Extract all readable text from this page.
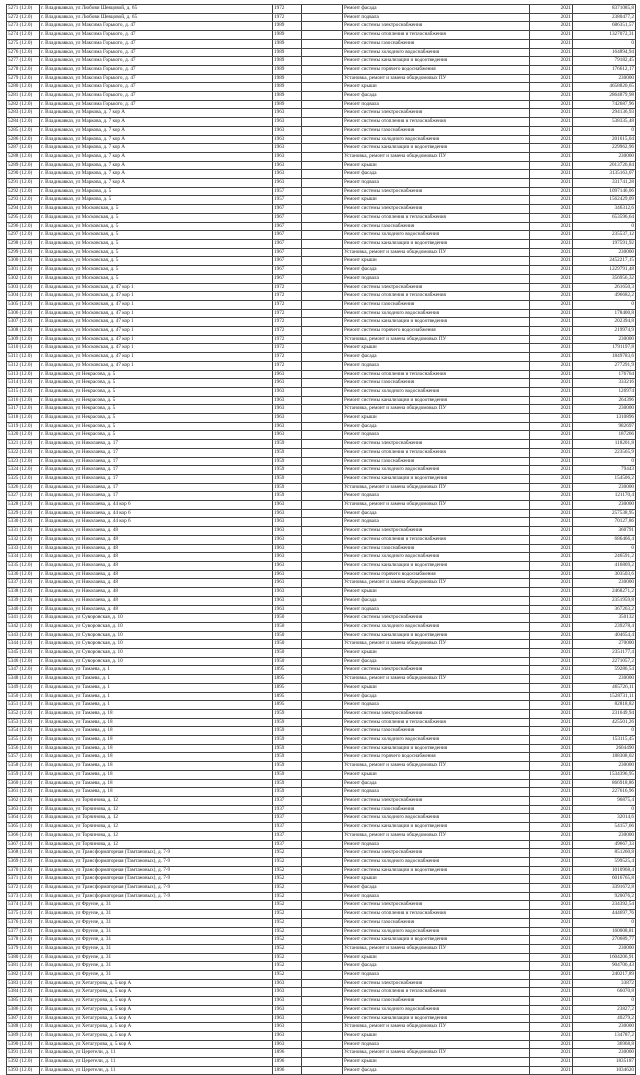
5271 (12.0)	г. Владикавказ, ул Любови Шевцовой, д. 65	1972		Ремонт фасада	2021	8371085,8
5272 (12.0)	г. Владикавказ, ул Любови Шевцовой, д. 65	1972		Ремонт подвала	2021	2380477,2
5273 (12.0)	г. Владикавказ, ул Максима Горького, д. 47	1989		Ремонт системы электроснабжения	2021	686351,57
5274 (12.0)	г. Владикавказ, ул Максима Горького, д. 47	1989		Ремонт системы отопления и теплоснабжения	2021	1327072,31
5275 (12.0)	г. Владикавказ, ул Максима Горького, д. 47	1989		Ремонт системы газоснабжения	2021	0
5276 (12.0)	г. Владикавказ, ул Максима Горького, д. 47	1989		Ремонт системы холодного водоснабжения	2021	164894,94
5277 (12.0)	г. Владикавказ, ул Максима Горького, д. 47	1989		Ремонт системы канализации и водоотведения	2021	79182,45
5278 (12.0)	г. Владикавказ, ул Максима Горького, д. 47	1989		Ремонт системы горячего водоснабжения	2021	176612,17
5279 (12.0)	г. Владикавказ, ул Максима Горького, д. 47	1989		Установка, ремонт и замена общедомовых ПУ	2021	230000
5280 (12.0)	г. Владикавказ, ул Максима Горького, д. 47	1989		Ремонт крыши	2021	4658820,65
5281 (12.0)	г. Владикавказ, ул Максима Горького, д. 47	1989		Ремонт фасада	2021	2864879,98
5282 (12.0)	г. Владикавказ, ул Максима Горького, д. 47	1989		Ремонт подвала	2021	742687,96
5283 (12.0)	г. Владикавказ, ул Маркова, д. 7 кор А	1963		Ремонт системы электроснабжения	2021	294136,93
5284 (12.0)	г. Владикавказ, ул Маркова, д. 7 кор А	1963		Ремонт системы отопления и теплоснабжения	2021	538335,48
5285 (12.0)	г. Владикавказ, ул Маркова, д. 7 кор А	1963		Ремонт системы газоснабжения	2021	0
5286 (12.0)	г. Владикавказ, ул Маркова, д. 7 кор А	1963		Ремонт системы холодного водоснабжения	2021	201615,04
5287 (12.0)	г. Владикавказ, ул Маркова, д. 7 кор А	1963		Ремонт системы канализации и водоотведения	2021	229962,96
5288 (12.0)	г. Владикавказ, ул Маркова, д. 7 кор А	1963		Установка, ремонт и замена общедомовых ПУ	2021	230000
5289 (12.0)	г. Владикавказ, ул Маркова, д. 7 кор А	1963		Ремонт крыши	2021	2013726,84
5290 (12.0)	г. Владикавказ, ул Маркова, д. 7 кор А	1963		Ремонт фасада	2021	3135163,07
5291 (12.0)	г. Владикавказ, ул Маркова, д. 7 кор А	1963		Ремонт подвала	2021	331741,28
5292 (12.0)	г. Владикавказ, ул Маркова, д. 5	1957		Ремонт системы электроснабжения	2021	1097146,06
5293 (12.0)	г. Владикавказ, ул Маркова, д. 5	1957		Ремонт крыши	2021	1562429,09
5294 (12.0)	г. Владикавказ, ул Московская, д. 5	1967		Ремонт системы электроснабжения	2021	346312,6
5295 (12.0)	г. Владикавказ, ул Московская, д. 5	1967		Ремонт системы отопления и теплоснабжения	2021	653596,64
5296 (12.0)	г. Владикавказ, ул Московская, д. 5	1967		Ремонт системы газоснабжения	2021	0
5297 (12.0)	г. Владикавказ, ул Московская, д. 5	1967		Ремонт системы холодного водоснабжения	2021	235537,12
5298 (12.0)	г. Владикавказ, ул Московская, д. 5	1967		Ремонт системы канализации и водоотведения	2021	197591,92
5299 (12.0)	г. Владикавказ, ул Московская, д. 5	1967		Установка, ремонт и замена общедомовых ПУ	2021	230000
5300 (12.0)	г. Владикавказ, ул Московская, д. 5	1967		Ремонт крыши	2021	2452217,15
5301 (12.0)	г. Владикавказ, ул Московская, д. 5	1967		Ремонт фасада	2021	1229791,48
5302 (12.0)	г. Владикавказ, ул Московская, д. 5	1967		Ремонт подвала	2021	356956,32
5303 (12.0)	г. Владикавказ, ул Московская, д. 47 кор 1	1972		Ремонт системы электроснабжения	2021	261650,3
5304 (12.0)	г. Владикавказ, ул Московская, д. 47 кор 1	1972		Ремонт системы отопления и теплоснабжения	2021	496682,2
5305 (12.0)	г. Владикавказ, ул Московская, д. 47 кор 1	1972		Ремонт системы газоснабжения	2021	0
5306 (12.0)	г. Владикавказ, ул Московская, д. 47 кор 1	1972		Ремонт системы холодного водоснабжения	2021	178400,8
5307 (12.0)	г. Владикавказ, ул Московская, д. 47 кор 1	1972		Ремонт системы канализации и водоотведения	2021	202394,8
5308 (12.0)	г. Владикавказ, ул Московская, д. 47 кор 1	1972		Ремонт системы горячего водоснабжения	2021	219974,9
5309 (12.0)	г. Владикавказ, ул Московская, д. 47 кор 1	1972		Установка, ремонт и замена общедомовых ПУ	2021	230000
5310 (12.0)	г. Владикавказ, ул Московская, д. 47 кор 1	1972		Ремонт крыши	2021	1791197,8
5311 (12.0)	г. Владикавказ, ул Московская, д. 47 кор 1	1972		Ремонт фасада	2021	1849783,6
5312 (12.0)	г. Владикавказ, ул Московская, д. 47 кор 1	1972		Ремонт подвала	2021	277291,9
5313 (12.0)	г. Владикавказ, ул Некрасова, д. 5	1963		Ремонт системы отопления и теплоснабжения	2021	176764
5314 (12.0)	г. Владикавказ, ул Некрасова, д. 5	1963		Ремонт системы газоснабжения	2021	333216
5315 (12.0)	г. Владикавказ, ул Некрасова, д. 5	1963		Ремонт системы холодного водоснабжения	2021	126974
5316 (12.0)	г. Владикавказ, ул Некрасова, д. 5	1963		Ремонт системы канализации и водоотведения	2021	264396
5317 (12.0)	г. Владикавказ, ул Некрасова, д. 5	1963		Установка, ремонт и замена общедомовых ПУ	2021	230000
5318 (12.0)	г. Владикавказ, ул Некрасова, д. 5	1963		Ремонт крыши	2021	1310896
5319 (12.0)	г. Владикавказ, ул Некрасова, д. 5	1963		Ремонт фасада	2021	982697
5320 (12.0)	г. Владикавказ, ул Некрасова, д. 5	1963		Ремонт подвала	2021	187266
5321 (12.0)	г. Владикавказ, ул Николаева, д. 17	1959		Ремонт системы электроснабжения	2021	118201,8
5322 (12.0)	г. Владикавказ, ул Николаева, д. 17	1959		Ремонт системы отопления и теплоснабжения	2021	223565,9
5323 (12.0)	г. Владикавказ, ул Николаева, д. 17	1959		Ремонт системы газоснабжения	2021	0
5324 (12.0)	г. Владикавказ, ул Николаева, д. 17	1959		Ремонт системы холодного водоснабжения	2021	79443
5325 (12.0)	г. Владикавказ, ул Николаева, д. 17	1959		Ремонт системы канализации и водоотведения	2021	154506,2
5326 (12.0)	г. Владикавказ, ул Николаева, д. 17	1959		Установка, ремонт и замена общедомовых ПУ	2021	230000
5327 (12.0)	г. Владикавказ, ул Николаева, д. 17	1959		Ремонт подвала	2021	121170,4
5328 (12.0)	г. Владикавказ, ул Николаева, д. 44 кор 6	1963		Установка, ремонт и замена общедомовых ПУ	2021	230000
5329 (12.0)	г. Владикавказ, ул Николаева, д. 44 кор 6	1963		Ремонт фасада	2021	257538,95
5330 (12.0)	г. Владикавказ, ул Николаева, д. 44 кор 6	1963		Ремонт подвала	2021	70127,86
5331 (12.0)	г. Владикавказ, ул Николаева, д. 48	1963		Ремонт системы электроснабжения	2021	360791
5332 (12.0)	г. Владикавказ, ул Николаева, д. 48	1963		Ремонт системы отопления и теплоснабжения	2021	686466,4
5333 (12.0)	г. Владикавказ, ул Николаева, д. 48	1963		Ремонт системы газоснабжения	2021	0
5334 (12.0)	г. Владикавказ, ул Николаева, д. 48	1963		Ремонт системы холодного водоснабжения	2021	246591,2
5335 (12.0)	г. Владикавказ, ул Николаева, д. 48	1963		Ремонт системы канализации и водоотведения	2021	416869,2
5336 (12.0)	г. Владикавказ, ул Николаева, д. 48	1963		Ремонт системы горячего водоснабжения	2021	303503,6
5337 (12.0)	г. Владикавказ, ул Николаева, д. 48	1963		Установка, ремонт и замена общедомовых ПУ	2021	230000
5338 (12.0)	г. Владикавказ, ул Николаева, д. 48	1963		Ремонт крыши	2021	2468271,2
5339 (12.0)	г. Владикавказ, ул Николаева, д. 48	1963		Ремонт фасада	2021	2351959,8
5340 (12.0)	г. Владикавказ, ул Николаева, д. 48	1963		Ремонт подвала	2021	367263,2
5341 (12.0)	г. Владикавказ, ул Суворовская, д. 10	1950		Ремонт системы электроснабжения	2021	350132
5342 (12.0)	г. Владикавказ, ул Суворовская, д. 10	1950		Ремонт системы холодного водоснабжения	2021	239278,4
5343 (12.0)	г. Владикавказ, ул Суворовская, д. 10	1950		Ремонт системы канализации и водоотведения	2021	404654,4
5344 (12.0)	г. Владикавказ, ул Суворовская, д. 10	1950		Установка, ремонт и замена общедомовых ПУ	2021	270000
5345 (12.0)	г. Владикавказ, ул Суворовская, д. 10	1950		Ремонт крыши	2021	2351177,4
5346 (12.0)	г. Владикавказ, ул Суворовская, д. 10	1950		Ремонт фасада	2021	2271057,2
5347 (12.0)	г. Владикавказ, ул Тамаева, д. 1	1895		Ремонт системы электроснабжения	2021	59286,54
5348 (12.0)	г. Владикавказ, ул Тамаева, д. 1	1895		Установка, ремонт и замена общедомовых ПУ	2021	230000
5349 (12.0)	г. Владикавказ, ул Тамаева, д. 1	1895		Ремонт крыши	2021	465726,11
5350 (12.0)	г. Владикавказ, ул Тамаева, д. 1	1895		Ремонт фасада	2021	1528731,11
5351 (12.0)	г. Владикавказ, ул Тамаева, д. 1	1895		Ремонт подвала	2021	82818,82
5352 (12.0)	г. Владикавказ, ул Тамаева, д. 18	1959		Ремонт системы электроснабжения	2021	231649,94
5353 (12.0)	г. Владикавказ, ул Тамаева, д. 18	1959		Ремонт системы отопления и теплоснабжения	2021	425501,26
5354 (12.0)	г. Владикавказ, ул Тамаева, д. 18	1959		Ремонт системы газоснабжения	2021	0
5355 (12.0)	г. Владикавказ, ул Тамаева, д. 18	1959		Ремонт системы холодного водоснабжения	2021	153115,45
5356 (12.0)	г. Владикавказ, ул Тамаева, д. 18	1959		Ремонт системы канализации и водоотведения	2021	2604490
5357 (12.0)	г. Владикавказ, ул Тамаева, д. 18	1959		Ремонт системы горячего водоснабжения	2021	188308,02
5358 (12.0)	г. Владикавказ, ул Тамаева, д. 18	1959		Установка, ремонт и замена общедомовых ПУ	2021	230000
5359 (12.0)	г. Владикавказ, ул Тамаева, д. 18	1959		Ремонт крыши	2021	1534396,95
5360 (12.0)	г. Владикавказ, ул Тамаева, д. 18	1959		Ремонт фасада	2021	866918,86
5361 (12.0)	г. Владикавказ, ул Тамаева, д. 18	1959		Ремонт подвала	2021	227616,96
5362 (12.0)	г. Владикавказ, ул Торчинова, д. 12	1937		Ремонт системы электроснабжения	2021	96875,4
5363 (12.0)	г. Владикавказ, ул Торчинова, д. 12	1937		Ремонт системы газоснабжения	2021	0
5364 (12.0)	г. Владикавказ, ул Торчинова, д. 12	1937		Ремонт системы холодного водоснабжения	2021	32014,6
5365 (12.0)	г. Владикавказ, ул Торчинова, д. 12	1937		Ремонт системы канализации и водоотведения	2021	54157,66
5366 (12.0)	г. Владикавказ, ул Торчинова, д. 12	1937		Установка, ремонт и замена общедомовых ПУ	2021	230000
5367 (12.0)	г. Владикавказ, ул Торчинова, д. 12	1937		Ремонт подвала	2021	49667,33
5368 (12.0)	г. Владикавказ, ул Трансформаторная (Тамтановых), д. 7-9	1952		Ремонт системы электроснабжения	2021	851260,8
5369 (12.0)	г. Владикавказ, ул Трансформаторная (Тамтановых), д. 7-9	1952		Ремонт системы холодного водоснабжения	2021	599525,4
5370 (12.0)	г. Владикавказ, ул Трансформаторная (Тамтановых), д. 7-9	1952		Ремонт системы канализации и водоотведения	2021	1010968,4
5371 (12.0)	г. Владикавказ, ул Трансформаторная (Тамтановых), д. 7-9	1952		Ремонт крыши	2021	6016765,8
5372 (12.0)	г. Владикавказ, ул Трансформаторная (Тамтановых), д. 7-9	1952		Ремонт фасада	2021	3391672,8
5373 (12.0)	г. Владикавказ, ул Трансформаторная (Тамтановых), д. 7-9	1952		Ремонт подвала	2021	920076,2
5374 (12.0)	г. Владикавказ, ул Фрунзе, д. 31	1952		Ремонт системы электроснабжения	2021	234392,54
5375 (12.0)	г. Владикавказ, ул Фрунзе, д. 31	1952		Ремонт системы отопления и теплоснабжения	2021	444697,76
5376 (12.0)	г. Владикавказ, ул Фрунзе, д. 31	1952		Ремонт системы газоснабжения	2021	0
5377 (12.0)	г. Владикавказ, ул Фрунзе, д. 31	1952		Ремонт системы холодного водоснабжения	2021	160008,81
5378 (12.0)	г. Владикавказ, ул Фрунзе, д. 31	1952		Ремонт системы канализации и водоотведения	2021	270689,77
5379 (12.0)	г. Владикавказ, ул Фрунзе, д. 31	1952		Установка, ремонт и замена общедомовых ПУ	2021	230000
5380 (12.0)	г. Владикавказ, ул Фрунзе, д. 31	1952		Ремонт крыши	2021	1604206,91
5381 (12.0)	г. Владикавказ, ул Фрунзе, д. 31	1952		Ремонт фасада	2021	904706,43
5382 (12.0)	г. Владикавказ, ул Фрунзе, д. 31	1952		Ремонт подвала	2021	240217,89
5383 (12.0)	г. Владикавказ, ул Хетагурова, д. 5 кор А	1963		Ремонт системы электроснабжения	2021	33872
5384 (12.0)	г. Владикавказ, ул Хетагурова, д. 5 кор А	1963		Ремонт системы отопления и теплоснабжения	2021	66070,8
5385 (12.0)	г. Владикавказ, ул Хетагурова, д. 5 кор А	1963		Ремонт системы газоснабжения	2021	0
5386 (12.0)	г. Владикавказ, ул Хетагурова, д. 5 кор А	1963		Ремонт системы холодного водоснабжения	2021	23827,2
5387 (12.0)	г. Владикавказ, ул Хетагурова, д. 5 кор А	1963		Ремонт системы канализации и водоотведения	2021	40279,2
5388 (12.0)	г. Владикавказ, ул Хетагурова, д. 5 кор А	1963		Установка, ремонт и замена общедомовых ПУ	2021	230000
5389 (12.0)	г. Владикавказ, ул Хетагурова, д. 5 кор А	1963		Ремонт крыши	2021	134787,2
5390 (12.0)	г. Владикавказ, ул Хетагурова, д. 5 кор А	1963		Ремонт подвала	2021	36968,8
5391 (12.0)	г. Владикавказ, ул Церетели, д. 11	1896		Установка, ремонт и замена общедомовых ПУ	2021	230000
5392 (12.0)	г. Владикавказ, ул Церетели, д. 11	1896		Ремонт крыши	2021	1835187
5393 (12.0)	г. Владикавказ, ул Церетели, д. 11	1896		Ремонт фасада	2021	1034620
